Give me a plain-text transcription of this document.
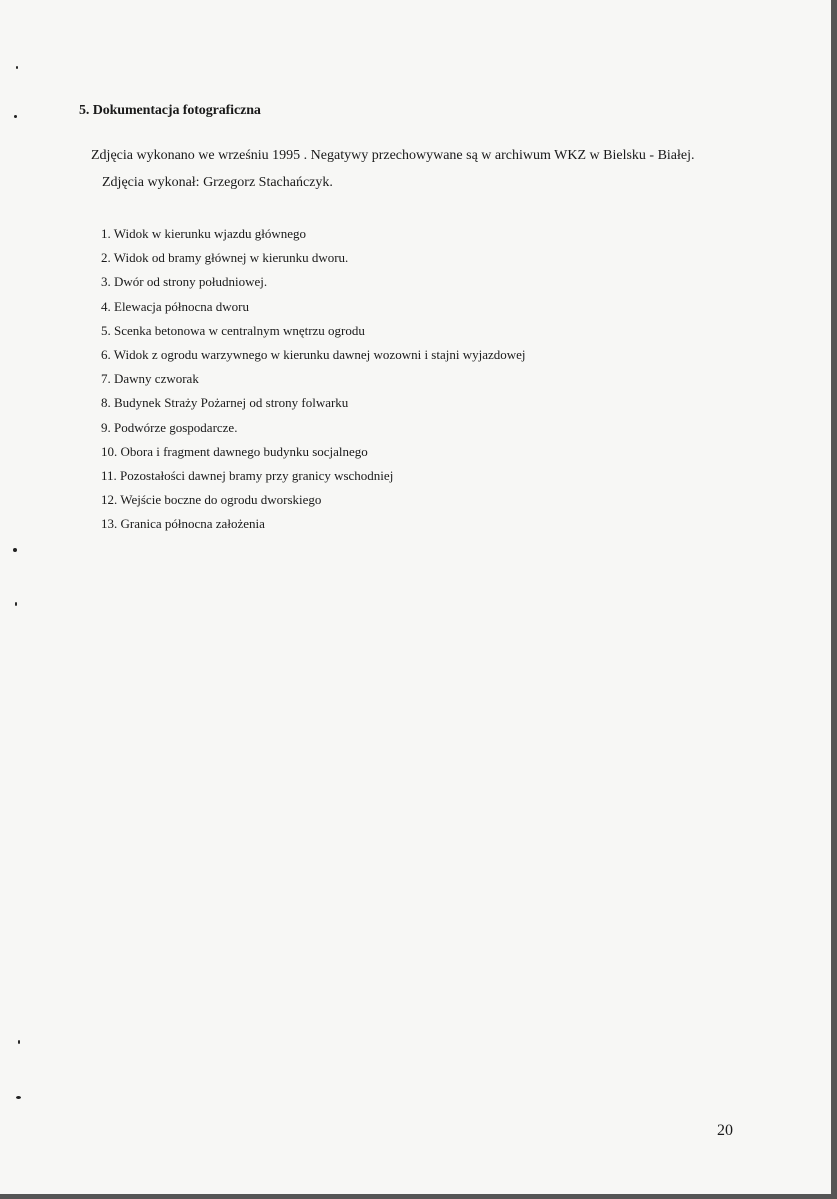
5. Dokumentacja fotograficzna
Zdjęcia wykonano we wrześniu 1995 . Negatywy przechowywane są w archiwum WKZ w Bielsku - Białej.
Zdjęcia wykonał: Grzegorz Stachańczyk.
1. Widok w kierunku wjazdu głównego
2. Widok od bramy głównej w kierunku dworu.
3. Dwór od strony południowej.
4. Elewacja północna dworu
5. Scenka betonowa w centralnym wnętrzu ogrodu
6. Widok z ogrodu warzywnego w kierunku dawnej wozowni i stajni wyjazdowej
7. Dawny czworak
8. Budynek Straży Pożarnej od strony folwarku
9. Podwórze gospodarcze.
10. Obora i fragment dawnego budynku socjalnego
11. Pozostałości dawnej bramy przy granicy wschodniej
12. Wejście boczne do ogrodu dworskiego
13. Granica północna założenia
20
